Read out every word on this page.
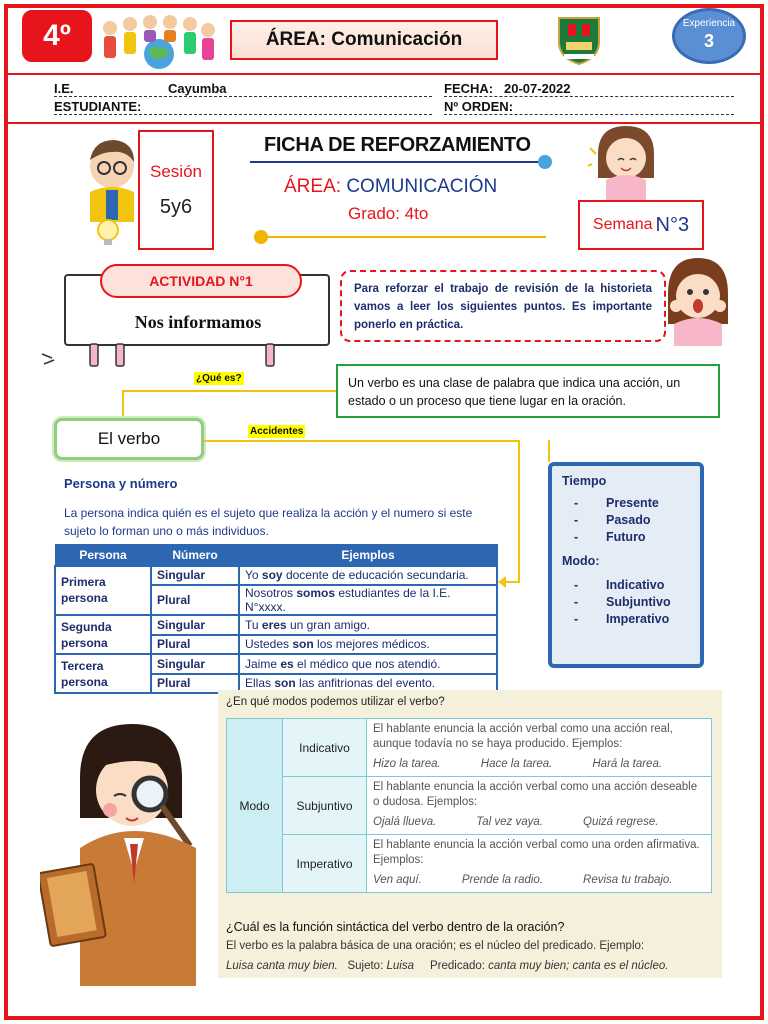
4º	ÁREA:
Comunicación
Experiencia
3
I.E.	Cayumba	FECHA: 20-07-2022
ESTUDIANTE:	Nº ORDEN:
Sesión
5y6
FICHA DE REFORZAMIENTO
ÁREA: COMUNICACIÓN
Grado: 4to
Semana N°3
ACTIVIDAD N°1
Nos informamos
Para reforzar el trabajo de revisión de la historieta vamos a leer los siguientes puntos. Es importante ponerlo en práctica.
¿Qué es?	Un verbo es una clase de palabra que indica una acción, un estado o un proceso que tiene lugar en la oración.
El verbo	Accidentes
Persona y número
La persona indica quién es el sujeto que realiza la acción y el numero si este sujeto lo forman uno o más individuos.
Persona	Número	Ejemplos
Primera persona	Singular	Yo soy docente de educación secundaria.
	Plural	Nosotros somos estudiantes de la I.E. N°xxxx.
Segunda persona	Singular	Tu eres un gran amigo.
	Plural	Ustedes son los mejores médicos.
Tercera persona	Singular	Jaime es el médico que nos atendió.
	Plural	Ellas son las anfitrionas del evento.
Tiempo
- Presente
- Pasado
- Futuro
Modo:
- Indicativo
- Subjuntivo
- Imperativo
¿En qué modos podemos utilizar el verbo?
Modo	Indicativo	El hablante enuncia la acción verbal como una acción real, aunque todavía no se haya producido. Ejemplos:
Hizo la tarea. Hace la tarea. Hará la tarea.

	Subjuntivo	El hablante enuncia la acción verbal como una acción deseable o dudosa. Ejemplos:
Ojalá llueva. Tal vez vaya. Quizá regrese.

	Imperativo	El hablante enuncia la acción verbal como una orden afirmativa. Ejemplos:
Ven aquí. Prende la radio. Revisa tu trabajo.
¿Cuál es la función sintáctica del verbo dentro de la oración?
El verbo es la palabra básica de una oración; es el núcleo del predicado. Ejemplo:
Luisa canta muy bien. Sujeto: Luisa Predicado: canta muy bien; canta es el núcleo.
